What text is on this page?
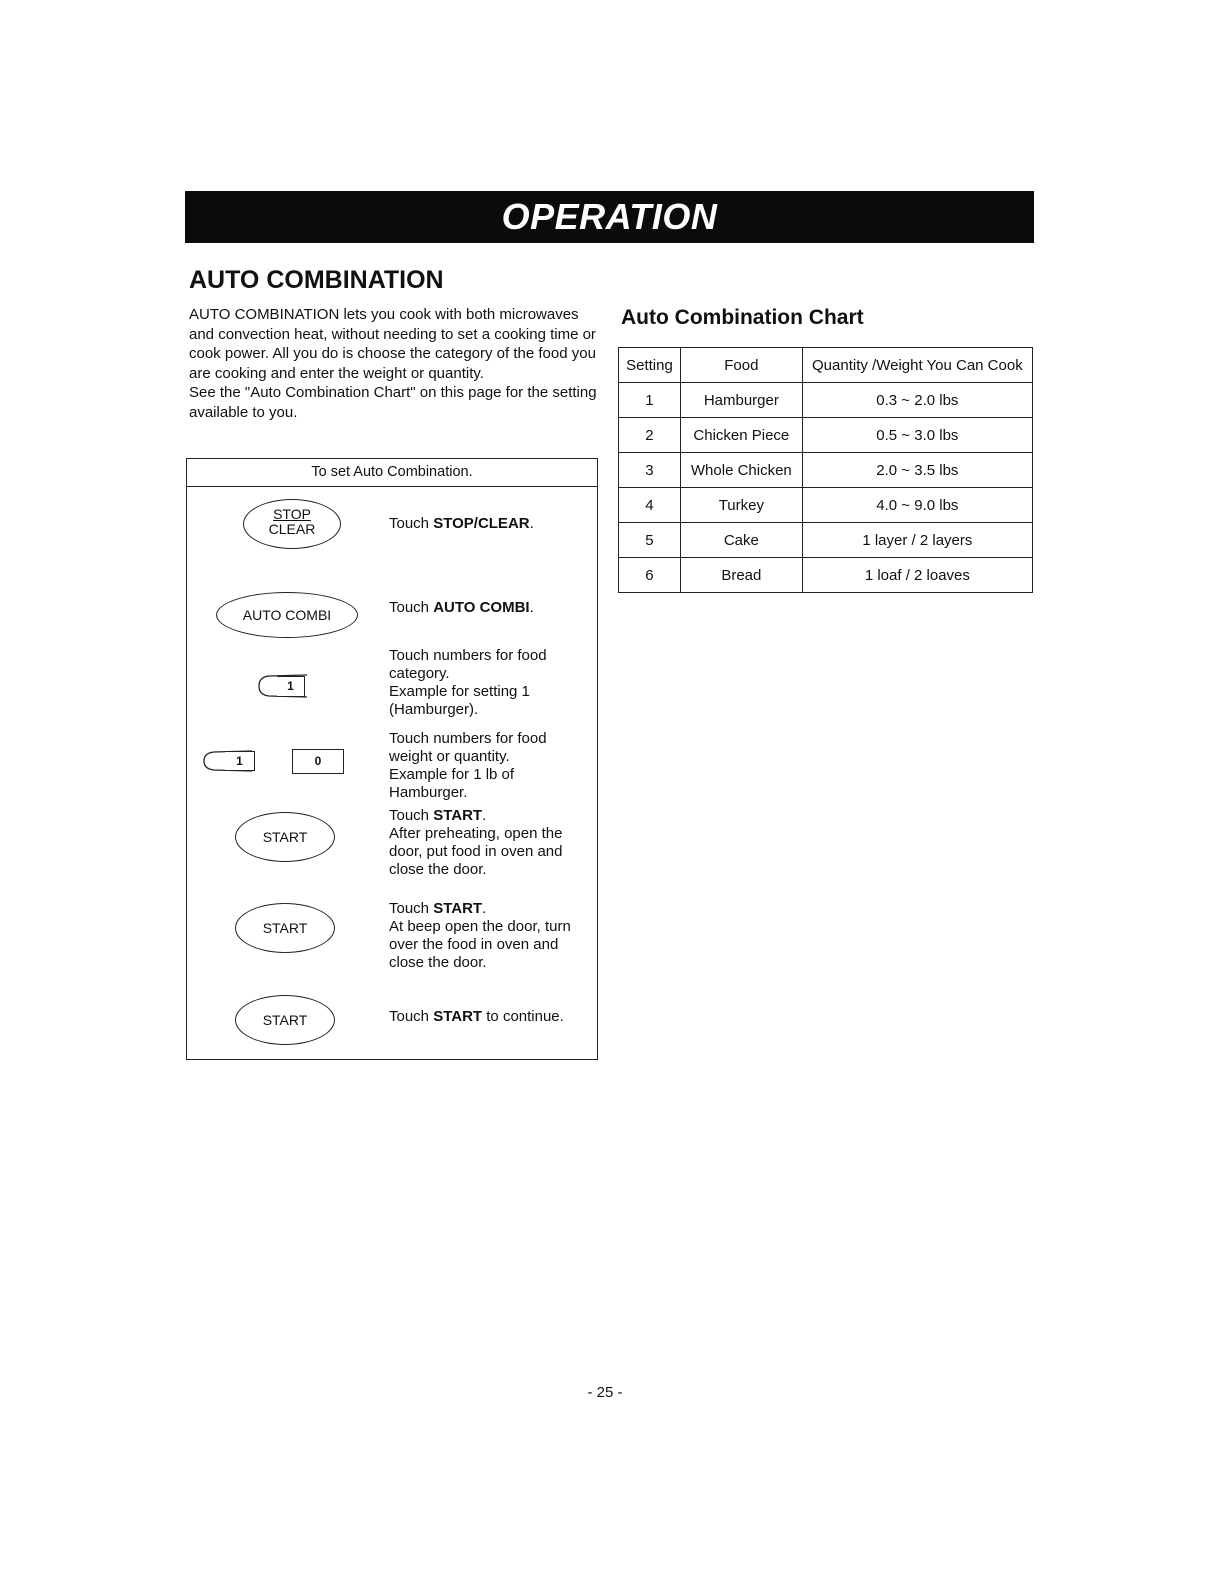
OPERATION
AUTO COMBINATION

AUTO COMBINATION lets you cook with both microwaves and convection heat, without needing to set a cooking time or cook power. All you do is choose the category of the food you are cooking and enter the weight or quantity.

See the "Auto Combination Chart" on this page for the setting available to you.

To set Auto Combination.
STOP
CLEAR	Touch STOP/CLEAR.

AUTO COMBI	Touch AUTO COMBI.

1
Touch numbers for food category.
Example for setting 1 (Hamburger).
1	0
Touch numbers for food weight or quantity.
Example for 1 lb of Hamburger.
START
Touch START.
After preheating, open the door, put food in oven and close the door.
START
Touch START.
At beep open the door, turn over the food in oven and close the door.
START	Touch START to continue.

Auto Combination Chart
Setting	Food	Quantity /Weight You Can Cook
1	Hamburger	0.3 ~ 2.0 lbs
2	Chicken Piece	0.5 ~ 3.0 lbs
3	Whole Chicken	2.0 ~ 3.5 lbs
4	Turkey	4.0 ~ 9.0 lbs
5	Cake	1 layer / 2 layers
6	Bread	1 loaf / 2 loaves
- 25 -
